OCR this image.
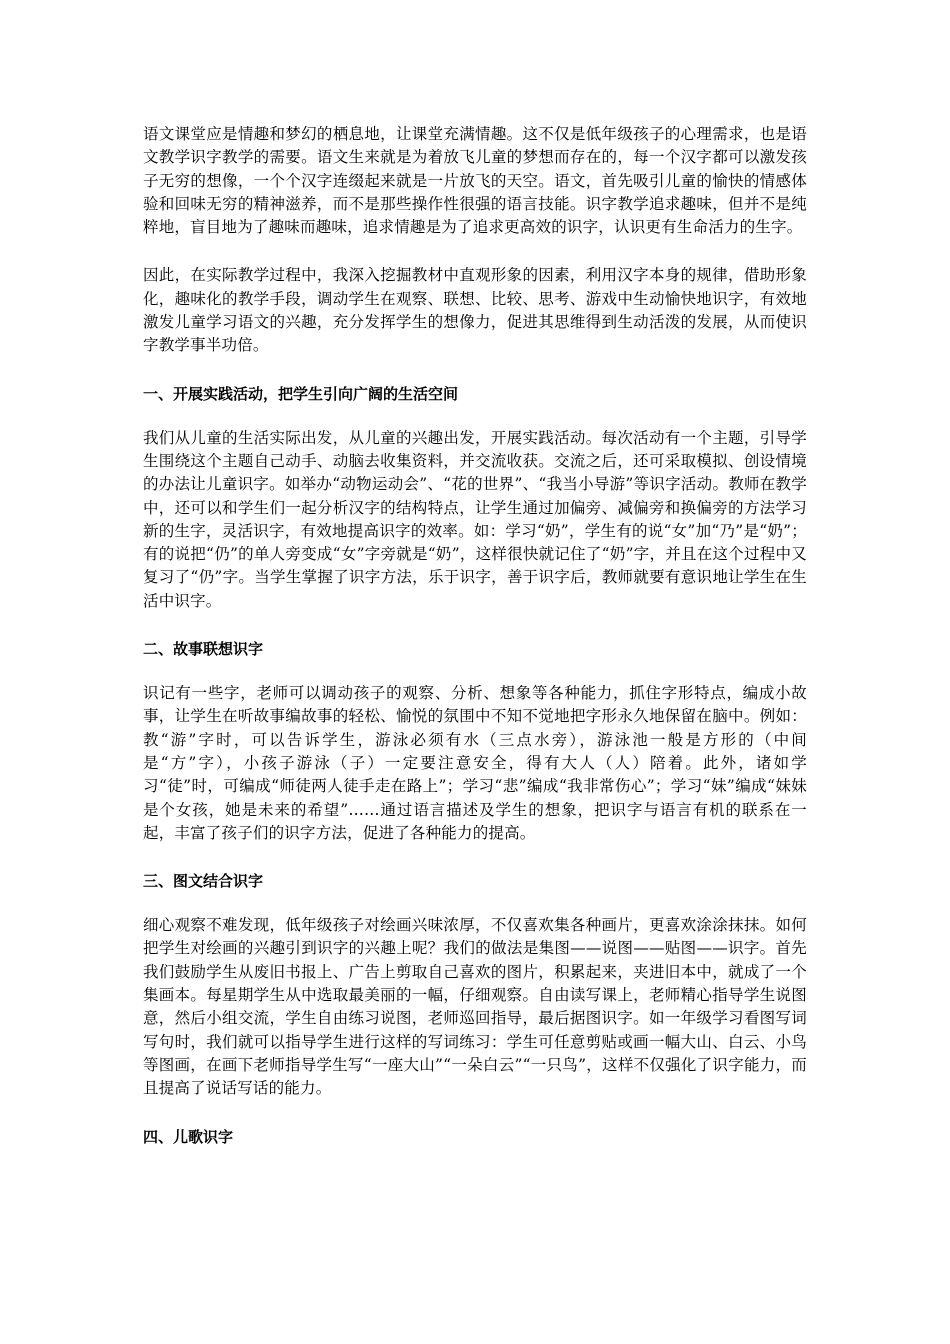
语文课堂应是情趣和梦幻的栖息地，让课堂充满情趣。这不仅是低年级孩子的心理需求，也是语文教学识字教学的需要。语文生来就是为着放飞儿童的梦想而存在的，每一个汉字都可以激发孩子无穷的想像，一个个汉字连缀起来就是一片放飞的天空。语文，首先吸引儿童的愉快的情感体验和回味无穷的精神滋养，而不是那些操作性很强的语言技能。识字教学追求趣味，但并不是纯粹地，盲目地为了趣味而趣味，追求情趣是为了追求更高效的识字，认识更有生命活力的生字。

因此，在实际教学过程中，我深入挖掘教材中直观形象的因素，利用汉字本身的规律，借助形象化，趣味化的教学手段，调动学生在观察、联想、比较、思考、游戏中生动愉快地识字，有效地激发儿童学习语文的兴趣，充分发挥学生的想像力，促进其思维得到生动活泼的发展，从而使识字教学事半功倍。

一、开展实践活动，把学生引向广阔的生活空间

我们从儿童的生活实际出发，从儿童的兴趣出发，开展实践活动。每次活动有一个主题，引导学生围绕这个主题自己动手、动脑去收集资料，并交流收获。交流之后，还可采取模拟、创设情境的办法让儿童识字。如举办“动物运动会”、“花的世界”、“我当小导游”等识字活动。教师在教学中，还可以和学生们一起分析汉字的结构特点，让学生通过加偏旁、减偏旁和换偏旁的方法学习新的生字，灵活识字，有效地提高识字的效率。如：学习“奶”，学生有的说“女”加“乃”是“奶”；有的说把“仍”的单人旁变成“女”字旁就是“奶”，这样很快就记住了“奶”字，并且在这个过程中又复习了“仍”字。当学生掌握了识字方法，乐于识字，善于识字后，教师就要有意识地让学生在生活中识字。

二、故事联想识字

识记有一些字，老师可以调动孩子的观察、分析、想象等各种能力，抓住字形特点，编成小故事，让学生在听故事编故事的轻松、愉悦的氛围中不知不觉地把字形永久地保留在脑中。例如：教“游”字时，可以告诉学生，游泳必须有水（三点水旁），游泳池一般是方形的（中间是“方”字），小孩子游泳（子）一定要注意安全，得有大人（人）陪着。此外，诸如学习“徒”时，可编成“师徒两人徒手走在路上”；学习“悲”编成“我非常伤心”；学习“妹”编成“妹妹是个女孩，她是未来的希望”……通过语言描述及学生的想象，把识字与语言有机的联系在一起，丰富了孩子们的识字方法，促进了各种能力的提高。

三、图文结合识字

细心观察不难发现，低年级孩子对绘画兴味浓厚，不仅喜欢集各种画片，更喜欢涂涂抹抹。如何把学生对绘画的兴趣引到识字的兴趣上呢？我们的做法是集图——说图——贴图——识字。首先我们鼓励学生从废旧书报上、广告上剪取自己喜欢的图片，积累起来，夹进旧本中，就成了一个集画本。每星期学生从中选取最美丽的一幅，仔细观察。自由读写课上，老师精心指导学生说图意，然后小组交流，学生自由练习说图，老师巡回指导，最后据图识字。如一年级学习看图写词写句时，我们就可以指导学生进行这样的写词练习：学生可任意剪贴或画一幅大山、白云、小鸟等图画，在画下老师指导学生写“一座大山”“一朵白云”“一只鸟”，这样不仅强化了识字能力，而且提高了说话写话的能力。

四、儿歌识字
